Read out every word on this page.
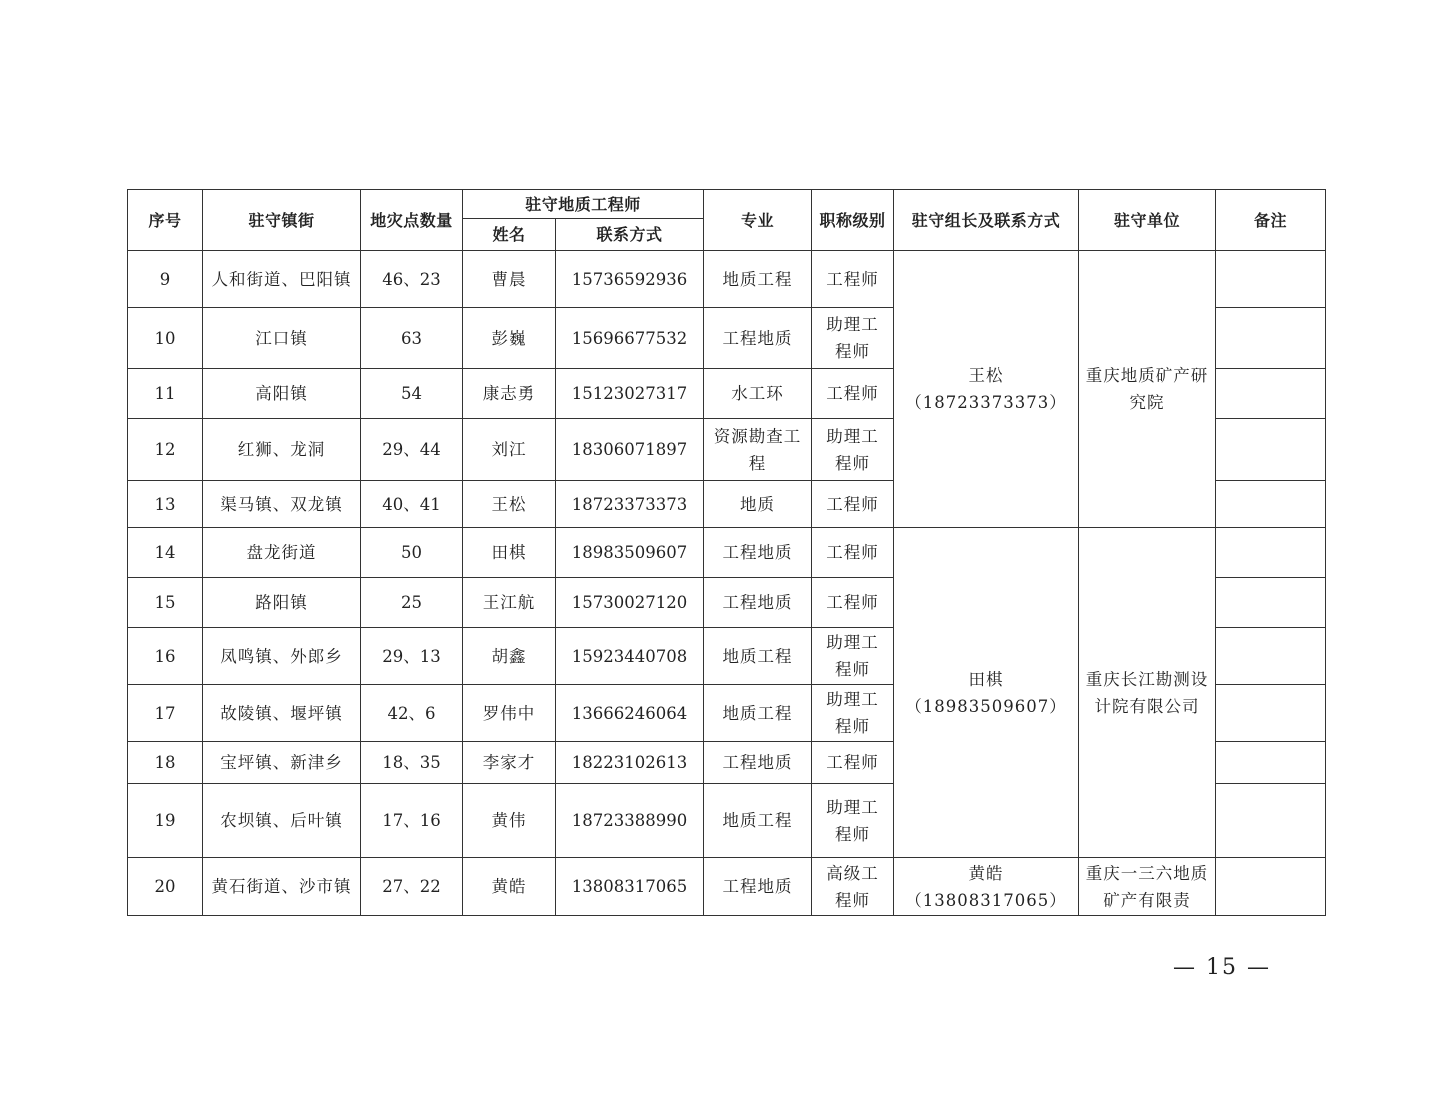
序号	驻守镇街	地灾点数量	驻守地质工程师		专业	职称级别	驻守组长及联系方式	驻守单位	备注
			姓名	联系方式					
9	人和街道、巴阳镇	46、23	曹晨	15736592936	地质工程	工程师	王松（18723373373）	重庆地质矿产研究院	
10	江口镇	63	彭巍	15696677532	工程地质	助理工程师			
11	高阳镇	54	康志勇	15123027317	水工环	工程师			
12	红狮、龙洞	29、44	刘江	18306071897	资源勘查工程	助理工程师			
13	渠马镇、双龙镇	40、41	王松	18723373373	地质	工程师			
14	盘龙街道	50	田棋	18983509607	工程地质	工程师	田棋（18983509607）	重庆长江勘测设计院有限公司	
15	路阳镇	25	王江航	15730027120	工程地质	工程师			
16	凤鸣镇、外郎乡	29、13	胡鑫	15923440708	地质工程	助理工程师			
17	故陵镇、堰坪镇	42、6	罗伟中	13666246064	地质工程	助理工程师			
18	宝坪镇、新津乡	18、35	李家才	18223102613	工程地质	工程师			
19	农坝镇、后叶镇	17、16	黄伟	18723388990	地质工程	助理工程师			
20	黄石街道、沙市镇	27、22	黄皓	13808317065	工程地质	高级工程师	黄皓（13808317065）	重庆一三六地质矿产有限责	
— 15 —
